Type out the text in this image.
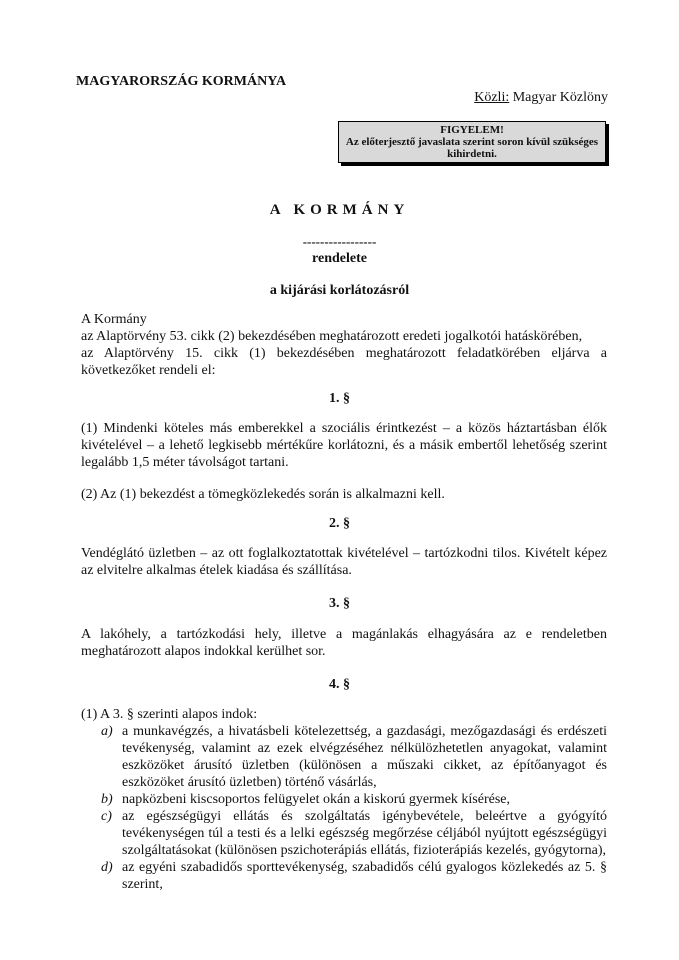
MAGYARORSZÁG KORMÁNYA
Közli: Magyar Közlöny
FIGYELEM!
Az előterjesztő javaslata szerint soron kívül szükséges kihirdetni.
A KORMÁNY
-----------------
rendelete
a kijárási korlátozásról

A Kormány

az Alaptörvény 53. cikk (2) bekezdésében meghatározott eredeti jogalkotói hatáskörében,

az Alaptörvény 15. cikk (1) bekezdésében meghatározott feladatkörében eljárva a következőket rendeli el:

1. §
(1) Mindenki köteles más emberekkel a szociális érintkezést – a közös háztartásban élők kivételével – a lehető legkisebb mértékűre korlátozni, és a másik embertől lehetőség szerint legalább 1,5 méter távolságot tartani.
(2) Az (1) bekezdést a tömegközlekedés során is alkalmazni kell.
2. §
Vendéglátó üzletben – az ott foglalkoztatottak kivételével – tartózkodni tilos. Kivételt képez az elvitelre alkalmas ételek kiadása és szállítása.
3. §
A lakóhely, a tartózkodási hely, illetve a magánlakás elhagyására az e rendeletben meghatározott alapos indokkal kerülhet sor.
4. §
(1) A 3. § szerinti alapos indok:
a) a munkavégzés, a hivatásbeli kötelezettség, a gazdasági, mezőgazdasági és erdészeti tevékenység, valamint az ezek elvégzéséhez nélkülözhetetlen anyagokat, valamint eszközöket árusító üzletben (különösen a műszaki cikket, az építőanyagot és eszközöket árusító üzletben) történő vásárlás,
b) napközbeni kiscsoportos felügyelet okán a kiskorú gyermek kísérése,
c) az egészségügyi ellátás és szolgáltatás igénybevétele, beleértve a gyógyító tevékenységen túl a testi és a lelki egészség megőrzése céljából nyújtott egészségügyi szolgáltatásokat (különösen pszichoterápiás ellátás, fizioterápiás kezelés, gyógytorna),
d) az egyéni szabadidős sporttevékenység, szabadidős célú gyalogos közlekedés az 5. § szerint,
